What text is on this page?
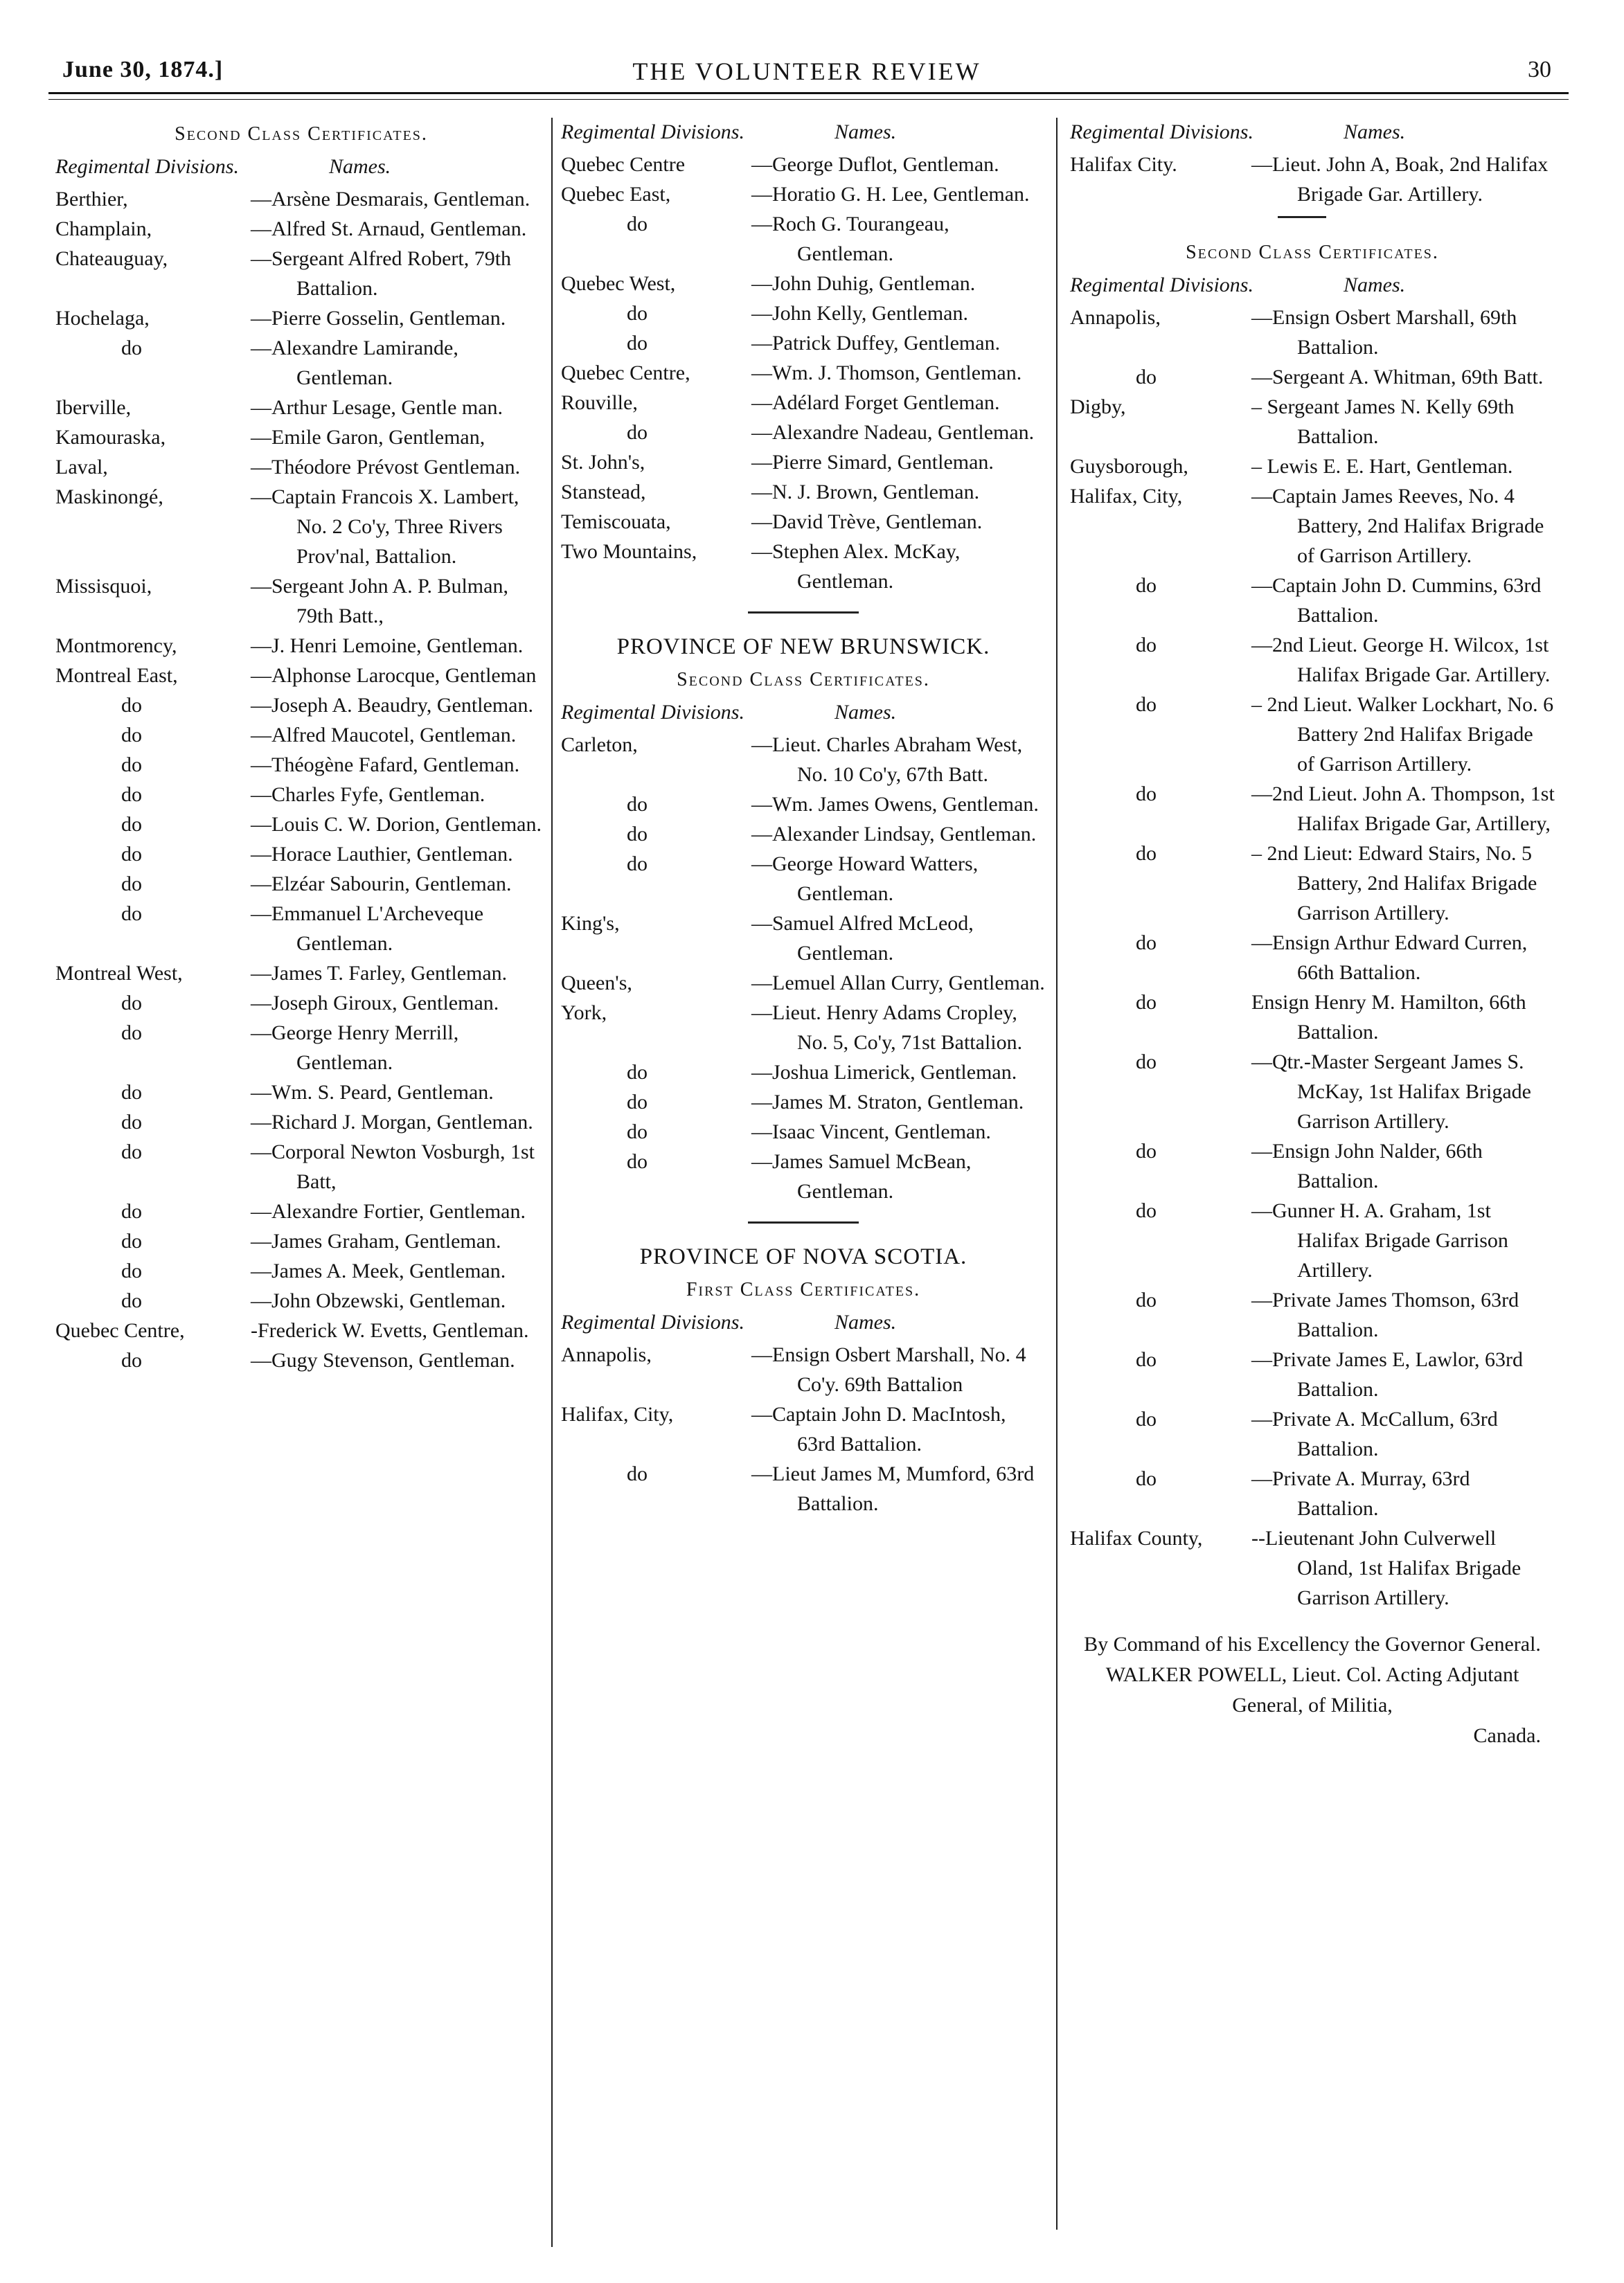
June 30, 1874.]	THE VOLUNTEER REVIEW	30
Second Class Certificates.
Regimental Divisions.	Names.
Berthier,	—Arsène Desmarais, Gentleman.
Champlain,	—Alfred St. Arnaud, Gentleman.
Chateauguay,	—Sergeant Alfred Robert, 79th Battalion.
Hochelaga,	—Pierre Gosselin, Gentleman.
do	—Alexandre Lamirande, Gentleman.
Iberville,	—Arthur Lesage, Gentle man.
Kamouraska,	—Emile Garon, Gentleman,
Laval,	—Théodore Prévost Gentleman.
Maskinongé,	—Captain Francois X. Lambert, No. 2 Co'y, Three Rivers Prov'nal, Battalion.
Missisquoi,	—Sergeant John A. P. Bulman, 79th Batt.,
Montmorency,	—J. Henri Lemoine, Gentleman.
Montreal East,	—Alphonse Larocque, Gentleman
do	—Joseph A. Beaudry, Gentleman.
do	—Alfred Maucotel, Gentleman.
do	—Théogène Fafard, Gentleman.
do	—Charles Fyfe, Gentleman.
do	—Louis C. W. Dorion, Gentleman.
do	—Horace Lauthier, Gentleman.
do	—Elzéar Sabourin, Gentleman.
do	—Emmanuel L'Archeveque Gentleman.
Montreal West,	—James T. Farley, Gentleman.
do	—Joseph Giroux, Gentleman.
do	—George Henry Merrill, Gentleman.
do	—Wm. S. Peard, Gentleman.
do	—Richard J. Morgan, Gentleman.
do	—Corporal Newton Vosburgh, 1st Batt,
do	—Alexandre Fortier, Gentleman.
do	—James Graham, Gentleman.
do	—James A. Meek, Gentleman.
do	—John Obzewski, Gentleman.
Quebec Centre,	-Frederick W. Evetts, Gentleman.
do	—Gugy Stevenson, Gentleman.
Regimental Divisions.	Names.
Quebec Centre	—George Duflot, Gentleman.
Quebec East,	—Horatio G. H. Lee, Gentleman.
do	—Roch G. Tourangeau, Gentleman.
Quebec West,	—John Duhig, Gentleman.
do	—John Kelly, Gentleman.
do	—Patrick Duffey, Gentleman.
Quebec Centre,	—Wm. J. Thomson, Gentleman.
Rouville,	—Adélard Forget Gentleman.
do	—Alexandre Nadeau, Gentleman.
St. John's,	—Pierre Simard, Gentleman.
Stanstead,	—N. J. Brown, Gentleman.
Temiscouata,	—David Trève, Gentleman.
Two Mountains,	—Stephen Alex. McKay, Gentleman.
PROVINCE OF NEW BRUNSWICK.
Second Class Certificates.
Regimental Divisions.	Names.
Carleton,	—Lieut. Charles Abraham West, No. 10 Co'y, 67th Batt.
do	—Wm. James Owens, Gentleman.
do	—Alexander Lindsay, Gentleman.
do	—George Howard Watters, Gentleman.
King's,	—Samuel Alfred McLeod, Gentleman.
Queen's,	—Lemuel Allan Curry, Gentleman.
York,	—Lieut. Henry Adams Cropley, No. 5, Co'y, 71st Battalion.
do	—Joshua Limerick, Gentleman.
do	—James M. Straton, Gentleman.
do	—Isaac Vincent, Gentleman.
do	—James Samuel McBean, Gentleman.
PROVINCE OF NOVA SCOTIA.
First Class Certificates.
Regimental Divisions.	Names.
Annapolis,	—Ensign Osbert Marshall, No. 4 Co'y. 69th Battalion
Halifax, City,	—Captain John D. MacIntosh, 63rd Battalion.
do	—Lieut James M, Mumford, 63rd Battalion.
Regimental Divisions.	Names.
Halifax City.	—Lieut. John A, Boak, 2nd Halifax Brigade Gar. Artillery.
Second Class Certificates.
Regimental Divisions.	Names.
Annapolis,	—Ensign Osbert Marshall, 69th Battalion.
do	—Sergeant A. Whitman, 69th Batt.
Digby,	– Sergeant James N. Kelly 69th Battalion.
Guysborough,	– Lewis E. E. Hart, Gentleman.
Halifax, City,	—Captain James Reeves, No. 4 Battery, 2nd Halifax Brigrade of Garrison Artillery.
do	—Captain John D. Cummins, 63rd Battalion.
do	—2nd Lieut. George H. Wilcox, 1st Halifax Brigade Gar. Artillery.
do	– 2nd Lieut. Walker Lockhart, No. 6 Battery 2nd Halifax Brigade of Garrison Artillery.
do	—2nd Lieut. John A. Thompson, 1st Halifax Brigade Gar, Artillery,
do	– 2nd Lieut: Edward Stairs, No. 5 Battery, 2nd Halifax Brigade Garrison Artillery.
do	—Ensign Arthur Edward Curren, 66th Battalion.
do	Ensign Henry M. Hamilton, 66th Battalion.
do	—Qtr.-Master Sergeant James S. McKay, 1st Halifax Brigade Garrison Artillery.
do	—Ensign John Nalder, 66th Battalion.
do	—Gunner H. A. Graham, 1st Halifax Brigade Garrison Artillery.
do	—Private James Thomson, 63rd Battalion.
do	—Private James E, Lawlor, 63rd Battalion.
do	—Private A. McCallum, 63rd Battalion.
do	—Private A. Murray, 63rd Battalion.
Halifax County,	--Lieutenant John Culverwell Oland, 1st Halifax Brigade Garrison Artillery.
By Command of his Excellency the Governor General.
WALKER POWELL, Lieut. Col. Acting Adjutant General, of Militia,
Canada.
